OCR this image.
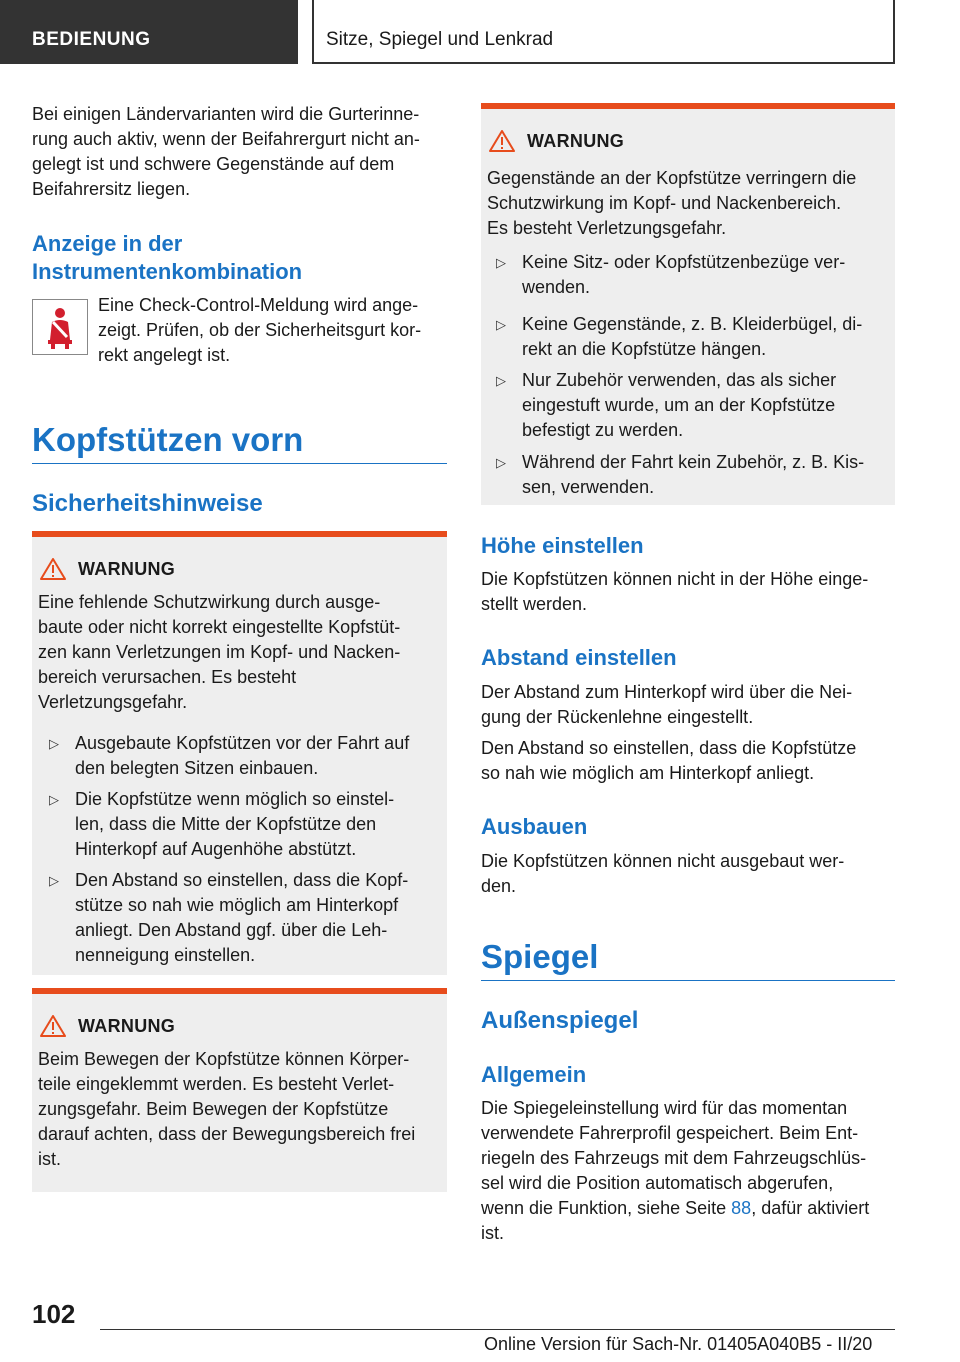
BEDIENUNG	Sitze, Spiegel und Lenkrad
Bei einigen Ländervarianten wird die Gurterinne-
rung auch aktiv, wenn der Beifahrergurt nicht an-
gelegt ist und schwere Gegenstände auf dem
Beifahrersitz liegen.
Anzeige in der
Instrumentenkombination
Eine Check-Control-Meldung wird ange-
zeigt. Prüfen, ob der Sicherheitsgurt kor-
rekt angelegt ist.
Kopfstützen vorn
Sicherheitshinweise
WARNUNG
Eine fehlende Schutzwirkung durch ausge-
baute oder nicht korrekt eingestellte Kopfstüt-
zen kann Verletzungen im Kopf- und Nacken-
bereich verursachen. Es besteht
Verletzungsgefahr.
▷ Ausgebaute Kopfstützen vor der Fahrt auf
den belegten Sitzen einbauen.
▷ Die Kopfstütze wenn möglich so einstel-
len, dass die Mitte der Kopfstütze den
Hinterkopf auf Augenhöhe abstützt.
▷ Den Abstand so einstellen, dass die Kopf-
stütze so nah wie möglich am Hinterkopf
anliegt. Den Abstand ggf. über die Leh-
nenneigung einstellen.
WARNUNG
Beim Bewegen der Kopfstütze können Körper-
teile eingeklemmt werden. Es besteht Verlet-
zungsgefahr. Beim Bewegen der Kopfstütze
darauf achten, dass der Bewegungsbereich frei
ist.
WARNUNG
Gegenstände an der Kopfstütze verringern die
Schutzwirkung im Kopf- und Nackenbereich.
Es besteht Verletzungsgefahr.
▷ Keine Sitz- oder Kopfstützenbezüge ver-
wenden.
▷ Keine Gegenstände, z. B. Kleiderbügel, di-
rekt an die Kopfstütze hängen.
▷ Nur Zubehör verwenden, das als sicher
eingestuft wurde, um an der Kopfstütze
befestigt zu werden.
▷ Während der Fahrt kein Zubehör, z. B. Kis-
sen, verwenden.
Höhe einstellen
Die Kopfstützen können nicht in der Höhe einge-
stellt werden.
Abstand einstellen
Der Abstand zum Hinterkopf wird über die Nei-
gung der Rückenlehne eingestellt.
Den Abstand so einstellen, dass die Kopfstütze
so nah wie möglich am Hinterkopf anliegt.
Ausbauen
Die Kopfstützen können nicht ausgebaut wer-
den.
Spiegel
Außenspiegel
Allgemein
Die Spiegeleinstellung wird für das momentan
verwendete Fahrerprofil gespeichert. Beim Ent-
riegeln des Fahrzeugs mit dem Fahrzeugschlüs-
sel wird die Position automatisch abgerufen,
wenn die Funktion, siehe Seite 88, dafür aktiviert
ist.
102
Online Version für Sach-Nr. 01405A040B5 - II/20
